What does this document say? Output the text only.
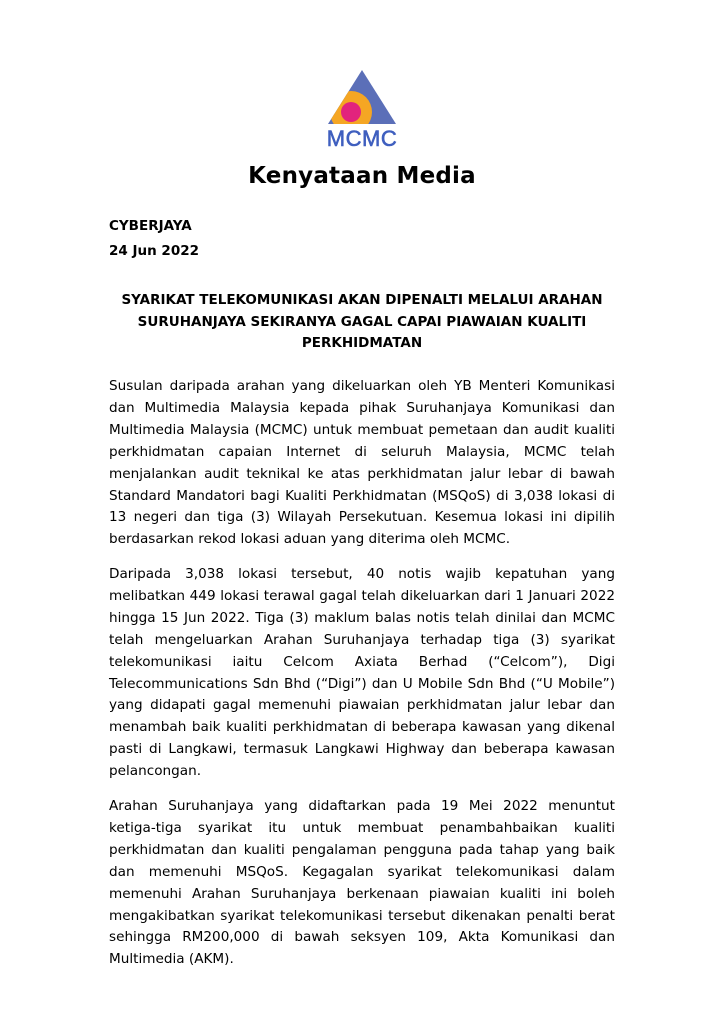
MCMC
Kenyataan Media
CYBERJAYA
24 Jun 2022
SYARIKAT TELEKOMUNIKASI AKAN DIPENALTI MELALUI ARAHAN SURUHANJAYA SEKIRANYA GAGAL CAPAI PIAWAIAN KUALITI PERKHIDMATAN

Susulan daripada arahan yang dikeluarkan oleh YB Menteri Komunikasi dan Multimedia Malaysia kepada pihak Suruhanjaya Komunikasi dan Multimedia Malaysia (MCMC) untuk membuat pemetaan dan audit kualiti perkhidmatan capaian Internet di seluruh Malaysia, MCMC telah menjalankan audit teknikal ke atas perkhidmatan jalur lebar di bawah Standard Mandatori bagi Kualiti Perkhidmatan (MSQoS) di 3,038 lokasi di 13 negeri dan tiga (3) Wilayah Persekutuan. Kesemua lokasi ini dipilih berdasarkan rekod lokasi aduan yang diterima oleh MCMC.

Daripada 3,038 lokasi tersebut, 40 notis wajib kepatuhan yang melibatkan 449 lokasi terawal gagal telah dikeluarkan dari 1 Januari 2022 hingga 15 Jun 2022. Tiga (3) maklum balas notis telah dinilai dan MCMC telah mengeluarkan Arahan Suruhanjaya terhadap tiga (3) syarikat telekomunikasi iaitu Celcom Axiata Berhad (“Celcom”), Digi Telecommunications Sdn Bhd (“Digi”) dan U Mobile Sdn Bhd (“U Mobile”) yang didapati gagal memenuhi piawaian perkhidmatan jalur lebar dan menambah baik kualiti perkhidmatan di beberapa kawasan yang dikenal pasti di Langkawi, termasuk Langkawi Highway dan beberapa kawasan pelancongan.

Arahan Suruhanjaya yang didaftarkan pada 19 Mei 2022 menuntut ketiga-tiga syarikat itu untuk membuat penambahbaikan kualiti perkhidmatan dan kualiti pengalaman pengguna pada tahap yang baik dan memenuhi MSQoS. Kegagalan syarikat telekomunikasi dalam memenuhi Arahan Suruhanjaya berkenaan piawaian kualiti ini boleh mengakibatkan syarikat telekomunikasi tersebut dikenakan penalti berat sehingga RM200,000 di bawah seksyen 109, Akta Komunikasi dan Multimedia (AKM).
